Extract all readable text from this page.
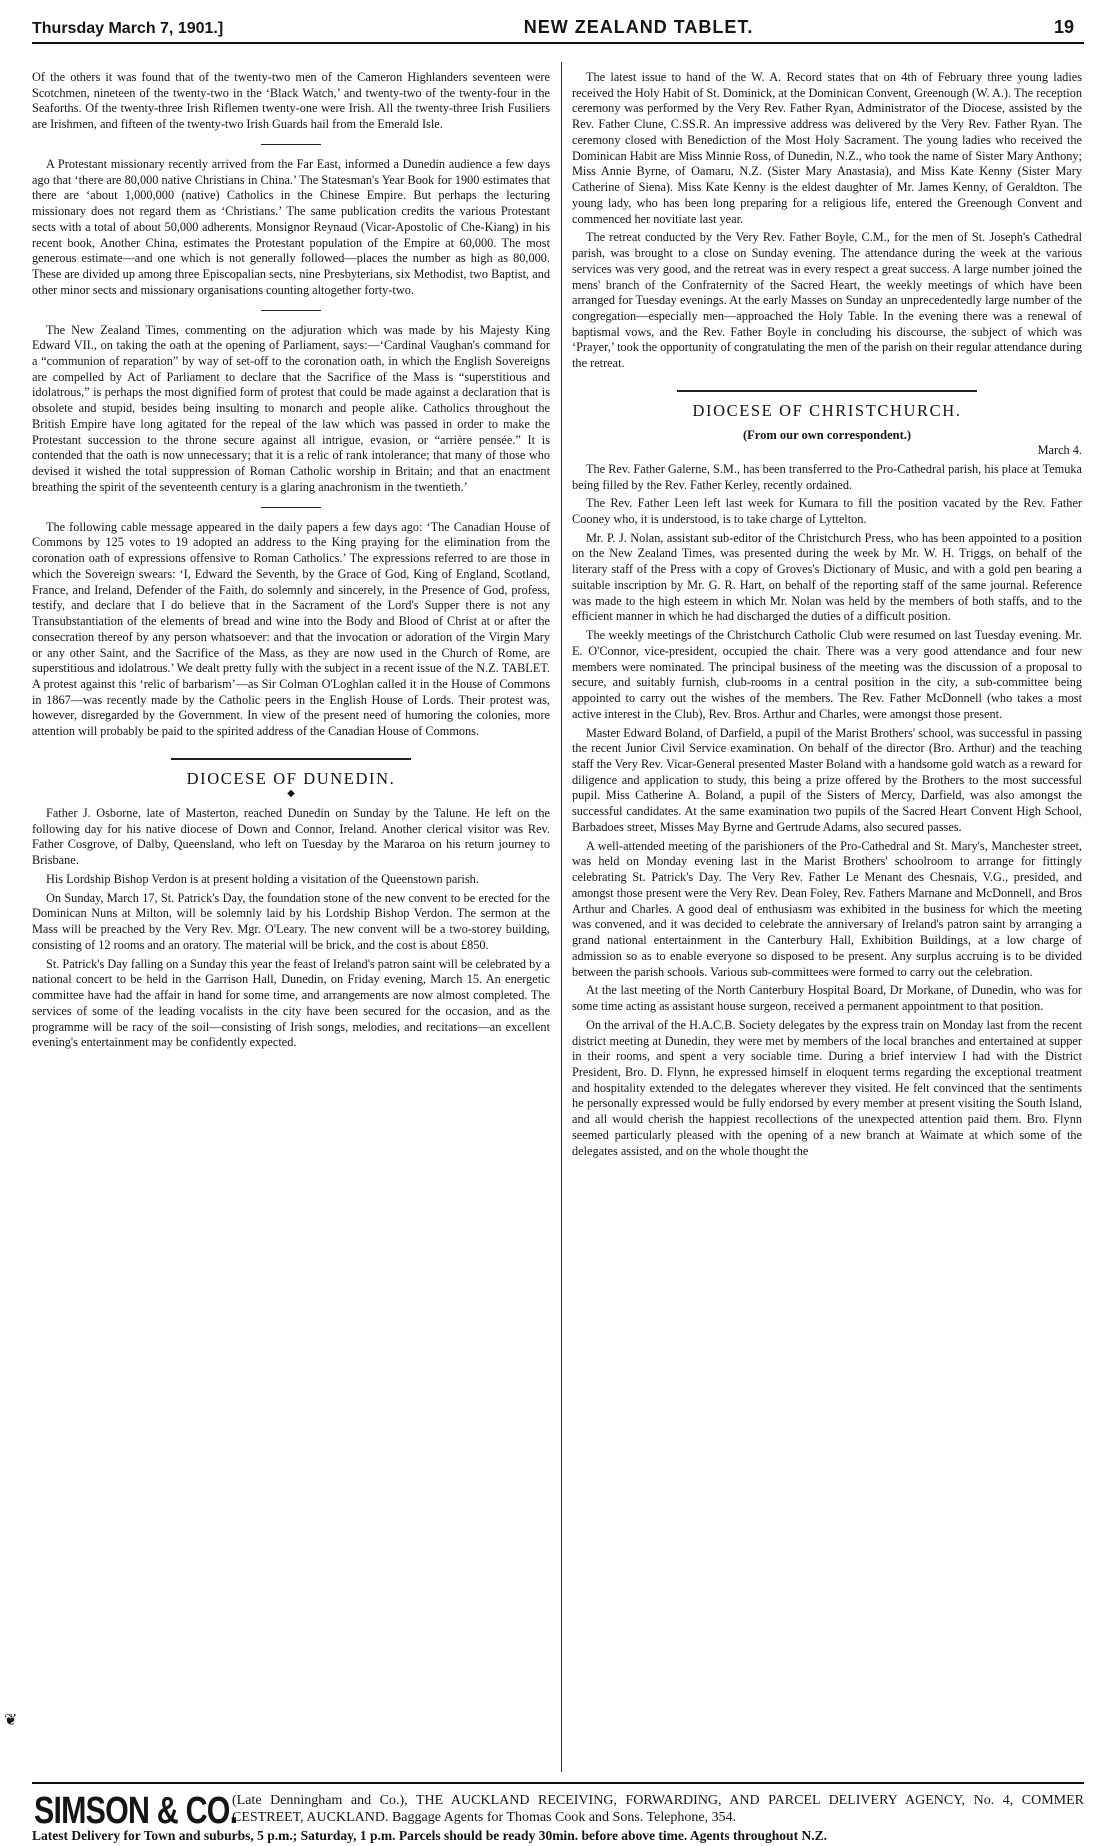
Thursday March 7, 1901.]	NEW ZEALAND TABLET.	19

Of the others it was found that of the twenty-two men of the Cameron Highlanders seventeen were Scotchmen, nineteen of the twenty-two in the ‘Black Watch,’ and twenty-two of the twenty-four in the Seaforths. Of the twenty-three Irish Riflemen twenty-one were Irish. All the twenty-three Irish Fusiliers are Irishmen, and fifteen of the twenty-two Irish Guards hail from the Emerald Isle.

A Protestant missionary recently arrived from the Far East, informed a Dunedin audience a few days ago that ‘there are 80,000 native Christians in China.’ The Statesman's Year Book for 1900 estimates that there are ‘about 1,000,000 (native) Catholics in the Chinese Empire. But perhaps the lecturing missionary does not regard them as ‘Christians.’ The same publication credits the various Protestant sects with a total of about 50,000 adherents. Monsignor Reynaud (Vicar-Apostolic of Che-Kiang) in his recent book, Another China, estimates the Protestant population of the Empire at 60,000. The most generous estimate—and one which is not generally followed—places the number as high as 80,000. These are divided up among three Episcopalian sects, nine Presbyterians, six Methodist, two Baptist, and other minor sects and missionary organisations counting altogether forty-two.

The New Zealand Times, commenting on the adjuration which was made by his Majesty King Edward VII., on taking the oath at the opening of Parliament, says:—‘Cardinal Vaughan's command for a “communion of reparation” by way of set-off to the coronation oath, in which the English Sovereigns are compelled by Act of Parliament to declare that the Sacrifice of the Mass is “superstitious and idolatrous,” is perhaps the most dignified form of protest that could be made against a declaration that is obsolete and stupid, besides being insulting to monarch and people alike. Catholics throughout the British Empire have long agitated for the repeal of the law which was passed in order to make the Protestant succession to the throne secure against all intrigue, evasion, or “arrière pensée.” It is contended that the oath is now unnecessary; that it is a relic of rank intolerance; that many of those who devised it wished the total suppression of Roman Catholic worship in Britain; and that an enactment breathing the spirit of the seventeenth century is a glaring anachronism in the twentieth.’

The following cable message appeared in the daily papers a few days ago: ‘The Canadian House of Commons by 125 votes to 19 adopted an address to the King praying for the elimination from the coronation oath of expressions offensive to Roman Catholics.’ The expressions referred to are those in which the Sovereign swears: ‘I, Edward the Seventh, by the Grace of God, King of England, Scotland, France, and Ireland, Defender of the Faith, do solemnly and sincerely, in the Presence of God, profess, testify, and declare that I do believe that in the Sacrament of the Lord's Supper there is not any Transubstantiation of the elements of bread and wine into the Body and Blood of Christ at or after the consecration thereof by any person whatsoever: and that the invocation or adoration of the Virgin Mary or any other Saint, and the Sacrifice of the Mass, as they are now used in the Church of Rome, are superstitious and idolatrous.’ We dealt pretty fully with the subject in a recent issue of the N.Z. TABLET. A protest against this ‘relic of barbarism’—as Sir Colman O'Loghlan called it in the House of Commons in 1867—was recently made by the Catholic peers in the English House of Lords. Their protest was, however, disregarded by the Government. In view of the present need of humoring the colonies, more attention will probably be paid to the spirited address of the Canadian House of Commons.

DIOCESE OF DUNEDIN.
◆

Father J. Osborne, late of Masterton, reached Dunedin on Sunday by the Talune. He left on the following day for his native diocese of Down and Connor, Ireland. Another clerical visitor was Rev. Father Cosgrove, of Dalby, Queensland, who left on Tuesday by the Mararoa on his return journey to Brisbane.

His Lordship Bishop Verdon is at present holding a visitation of the Queenstown parish.

On Sunday, March 17, St. Patrick's Day, the foundation stone of the new convent to be erected for the Dominican Nuns at Milton, will be solemnly laid by his Lordship Bishop Verdon. The sermon at the Mass will be preached by the Very Rev. Mgr. O'Leary. The new convent will be a two-storey building, consisting of 12 rooms and an oratory. The material will be brick, and the cost is about £850.

St. Patrick's Day falling on a Sunday this year the feast of Ireland's patron saint will be celebrated by a national concert to be held in the Garrison Hall, Dunedin, on Friday evening, March 15. An energetic committee have had the affair in hand for some time, and arrangements are now almost completed. The services of some of the leading vocalists in the city have been secured for the occasion, and as the programme will be racy of the soil—consisting of Irish songs, melodies, and recitations—an excellent evening's entertainment may be confidently expected.

❦

The latest issue to hand of the W. A. Record states that on 4th of February three young ladies received the Holy Habit of St. Dominick, at the Dominican Convent, Greenough (W. A.). The reception ceremony was performed by the Very Rev. Father Ryan, Administrator of the Diocese, assisted by the Rev. Father Clune, C.SS.R. An impressive address was delivered by the Very Rev. Father Ryan. The ceremony closed with Benediction of the Most Holy Sacrament. The young ladies who received the Dominican Habit are Miss Minnie Ross, of Dunedin, N.Z., who took the name of Sister Mary Anthony; Miss Annie Byrne, of Oamaru, N.Z. (Sister Mary Anastasia), and Miss Kate Kenny (Sister Mary Catherine of Siena). Miss Kate Kenny is the eldest daughter of Mr. James Kenny, of Geraldton. The young lady, who has been long preparing for a religious life, entered the Greenough Convent and commenced her novitiate last year.

The retreat conducted by the Very Rev. Father Boyle, C.M., for the men of St. Joseph's Cathedral parish, was brought to a close on Sunday evening. The attendance during the week at the various services was very good, and the retreat was in every respect a great success. A large number joined the mens' branch of the Confraternity of the Sacred Heart, the weekly meetings of which have been arranged for Tuesday evenings. At the early Masses on Sunday an unprecedentedly large number of the congregation—especially men—approached the Holy Table. In the evening there was a renewal of baptismal vows, and the Rev. Father Boyle in concluding his discourse, the subject of which was ‘Prayer,’ took the opportunity of congratulating the men of the parish on their regular attendance during the retreat.

DIOCESE OF CHRISTCHURCH.
(From our own correspondent.)

March 4.

The Rev. Father Galerne, S.M., has been transferred to the Pro-Cathedral parish, his place at Temuka being filled by the Rev. Father Kerley, recently ordained.

The Rev. Father Leen left last week for Kumara to fill the position vacated by the Rev. Father Cooney who, it is understood, is to take charge of Lyttelton.

Mr. P. J. Nolan, assistant sub-editor of the Christchurch Press, who has been appointed to a position on the New Zealand Times, was presented during the week by Mr. W. H. Triggs, on behalf of the literary staff of the Press with a copy of Groves's Dictionary of Music, and with a gold pen bearing a suitable inscription by Mr. G. R. Hart, on behalf of the reporting staff of the same journal. Reference was made to the high esteem in which Mr. Nolan was held by the members of both staffs, and to the efficient manner in which he had discharged the duties of a difficult position.

The weekly meetings of the Christchurch Catholic Club were resumed on last Tuesday evening. Mr. E. O'Connor, vice-president, occupied the chair. There was a very good attendance and four new members were nominated. The principal business of the meeting was the discussion of a proposal to secure, and suitably furnish, club-rooms in a central position in the city, a sub-committee being appointed to carry out the wishes of the members. The Rev. Father McDonnell (who takes a most active interest in the Club), Rev. Bros. Arthur and Charles, were amongst those present.

Master Edward Boland, of Darfield, a pupil of the Marist Brothers' school, was successful in passing the recent Junior Civil Service examination. On behalf of the director (Bro. Arthur) and the teaching staff the Very Rev. Vicar-General presented Master Boland with a handsome gold watch as a reward for diligence and application to study, this being a prize offered by the Brothers to the most successful pupil. Miss Catherine A. Boland, a pupil of the Sisters of Mercy, Darfield, was also amongst the successful candidates. At the same examination two pupils of the Sacred Heart Convent High School, Barbadoes street, Misses May Byrne and Gertrude Adams, also secured passes.

A well-attended meeting of the parishioners of the Pro-Cathedral and St. Mary's, Manchester street, was held on Monday evening last in the Marist Brothers' schoolroom to arrange for fittingly celebrating St. Patrick's Day. The Very Rev. Father Le Menant des Chesnais, V.G., presided, and amongst those present were the Very Rev. Dean Foley, Rev. Fathers Marnane and McDonnell, and Bros Arthur and Charles. A good deal of enthusiasm was exhibited in the business for which the meeting was convened, and it was decided to celebrate the anniversary of Ireland's patron saint by arranging a grand national entertainment in the Canterbury Hall, Exhibition Buildings, at a low charge of admission so as to enable everyone so disposed to be present. Any surplus accruing is to be divided between the parish schools. Various sub-committees were formed to carry out the celebration.

At the last meeting of the North Canterbury Hospital Board, Dr Morkane, of Dunedin, who was for some time acting as assistant house surgeon, received a permanent appointment to that position.

On the arrival of the H.A.C.B. Society delegates by the express train on Monday last from the recent district meeting at Dunedin, they were met by members of the local branches and entertained at supper in their rooms, and spent a very sociable time. During a brief interview I had with the District President, Bro. D. Flynn, he expressed himself in eloquent terms regarding the exceptional treatment and hospitality extended to the delegates wherever they visited. He felt convinced that the sentiments he personally expressed would be fully endorsed by every member at present visiting the South Island, and all would cherish the happiest recollections of the unexpected attention paid them. Bro. Flynn seemed particularly pleased with the opening of a new branch at Waimate at which some of the delegates assisted, and on the whole thought the

SIMSON & CO.
(Late Denningham and Co.), THE AUCKLAND RECEIVING, FORWARDING, AND PARCEL DELIVERY AGENCY, No. 4, COMMER CESTREET, AUCKLAND. Baggage Agents for Thomas Cook and Sons. Telephone, 354.
Latest Delivery for Town and suburbs, 5 p.m.; Saturday, 1 p.m. Parcels should be ready 30min. before above time. Agents throughout N.Z.
